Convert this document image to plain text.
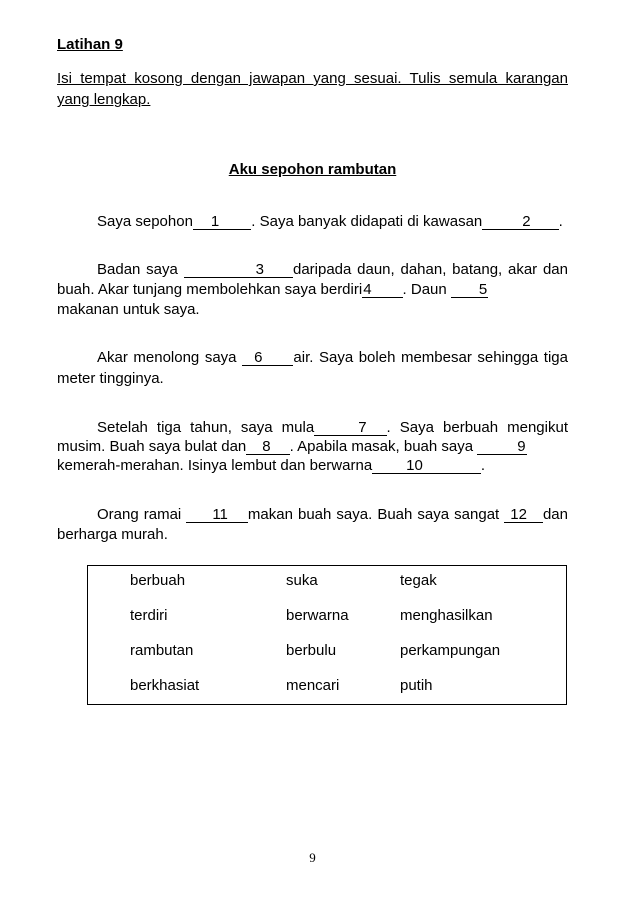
Latihan 9
Isi tempat kosong dengan jawapan yang sesuai. Tulis semula karangan
yang lengkap.
Aku sepohon rambutan
Saya sepohon 1 . Saya banyak didapati di kawasan	2 .
Badan saya	3 daripada daun, dahan, batang, akar dan
buah. Akar tunjang membolehkan saya berdiri4 . Daun 5
makanan untuk saya.
Akar menolong saya 6 air. Saya boleh membesar sehingga tiga
meter tingginya.
Setelah tiga tahun, saya mula	7 . Saya berbuah mengikut
musim. Buah saya bulat dan 8 . Apabila masak, buah saya	9
kemerah-merahan. Isinya lembut dan berwarna 10	.
Orang ramai 11 makan buah saya. Buah saya sangat 12 dan
berharga murah.
berbuah	suka	tegak
terdiri	berwarna	menghasilkan
rambutan	berbulu	perkampungan
berkhasiat	mencari	putih
9
